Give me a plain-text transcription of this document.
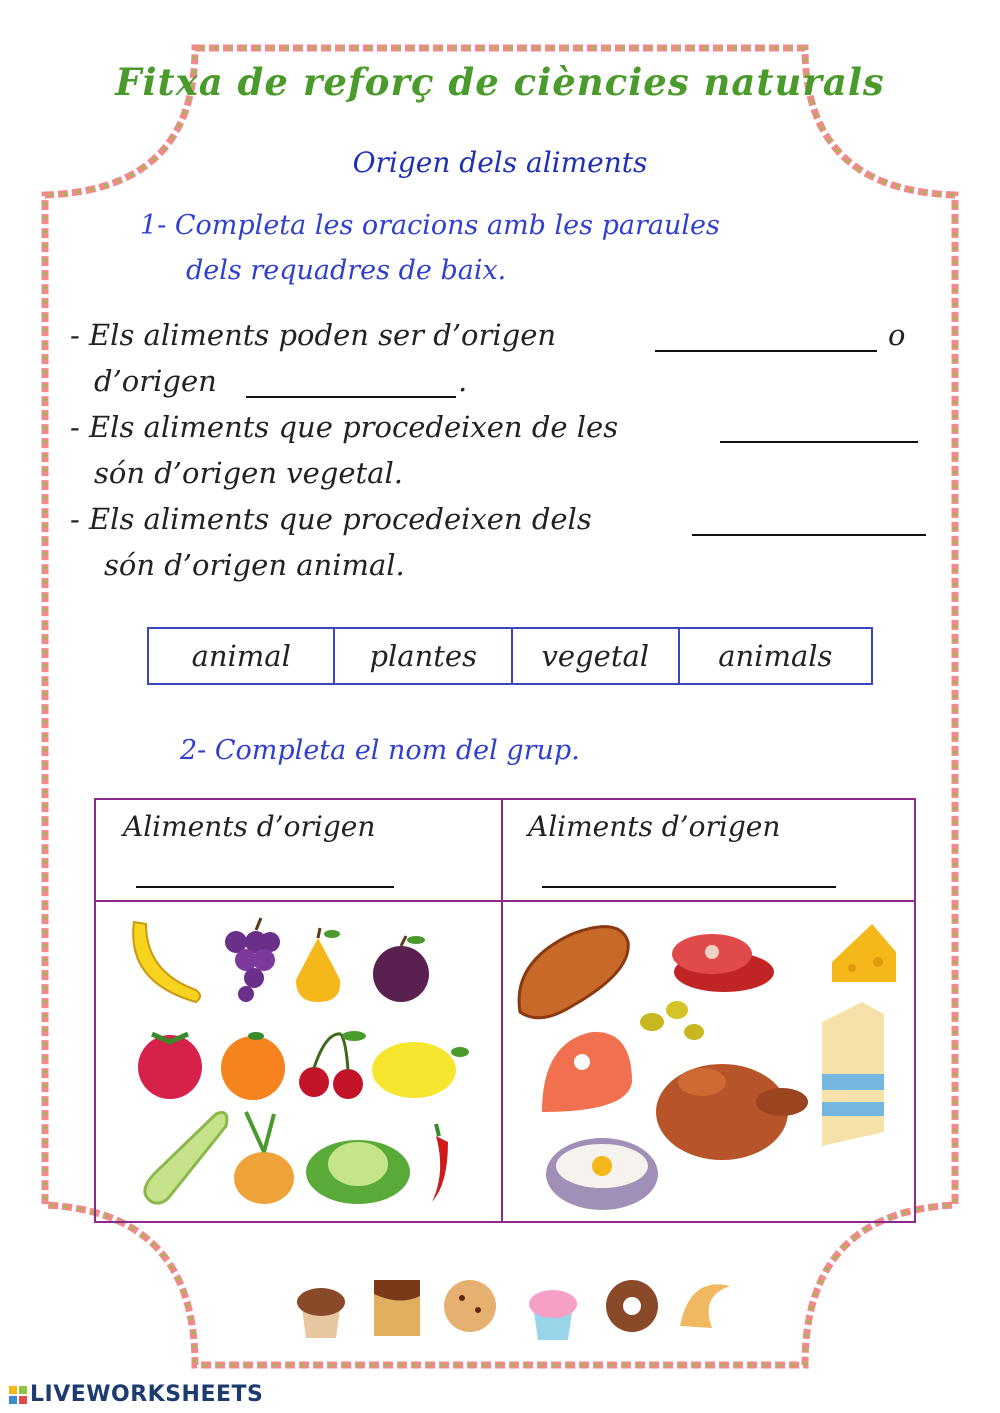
Fitxa de reforç de ciències naturals
Origen dels aliments
1- Completa les oracions amb les paraules
dels requadres de baix.
- Els aliments poden ser d’origen	o
d’origen	.
- Els aliments que procedeixen de les
són d’origen vegetal.
- Els aliments que procedeixen dels
són d’origen animal.
animal	plantes	vegetal	animals
2- Completa el nom del grup.
Aliments d’origen	Aliments d’origen

LIVEWORKSHEETS
